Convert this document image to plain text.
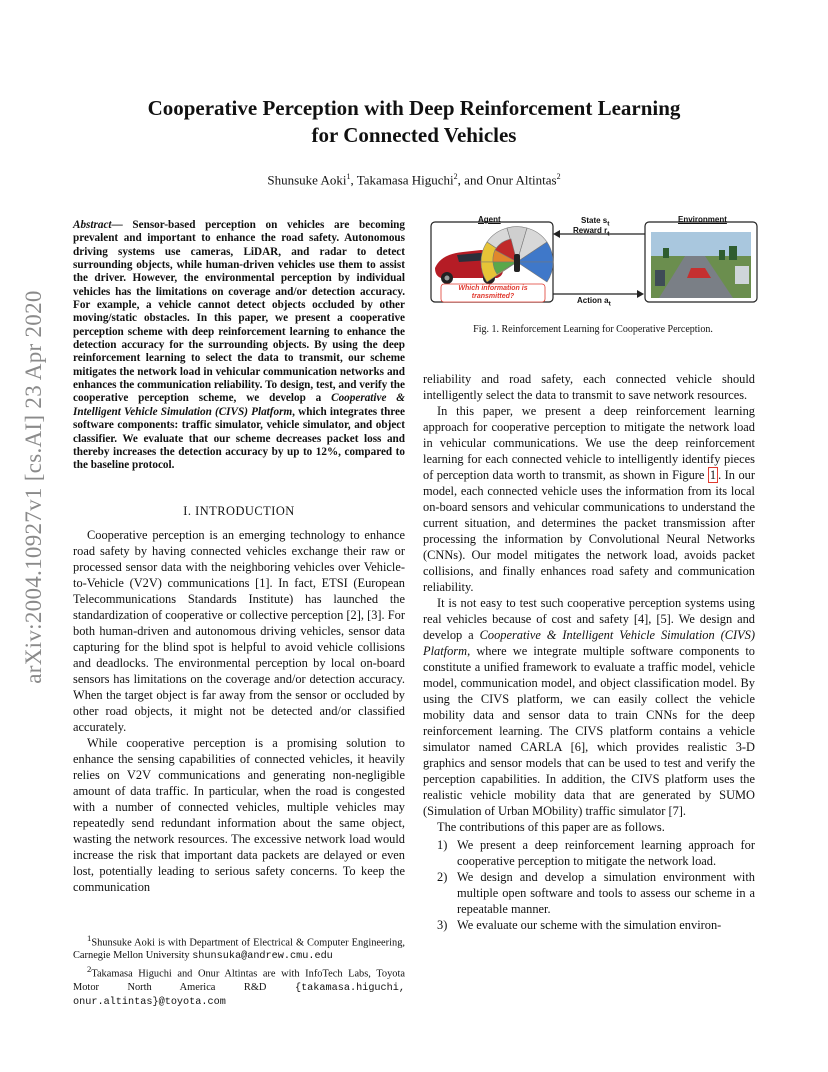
arXiv:2004.10927v1 [cs.AI] 23 Apr 2020
Cooperative Perception with Deep Reinforcement Learning
for Connected Vehicles
Shunsuke Aoki$^1$, Takamasa Higuchi$^2$, and Onur Altintas$^2$
Abstract— Sensor-based perception on vehicles are becoming prevalent and important to enhance the road safety. Autonomous driving systems use cameras, LiDAR, and radar to detect surrounding objects, while human-driven vehicles use them to assist the driver. However, the environmental perception by individual vehicles has the limitations on coverage and/or detection accuracy. For example, a vehicle cannot detect objects occluded by other moving/static obstacles. In this paper, we present a cooperative perception scheme with deep reinforcement learning to enhance the detection accuracy for the surrounding objects. By using the deep reinforcement learning to select the data to transmit, our scheme mitigates the network load in vehicular communication networks and enhances the communication reliability. To design, test, and verify the cooperative perception scheme, we develop a Cooperative & Intelligent Vehicle Simulation (CIVS) Platform, which integrates three software components: traffic simulator, vehicle simulator, and object classifier. We evaluate that our scheme decreases packet loss and thereby increases the detection accuracy by up to 12%, compared to the baseline protocol.
I. INTRODUCTION

Cooperative perception is an emerging technology to enhance road safety by having connected vehicles exchange their raw or processed sensor data with the neighboring vehicles over Vehicle-to-Vehicle (V2V) communications [1]. In fact, ETSI (European Telecommunications Standards Institute) has launched the standardization of cooperative or collective perception [2], [3]. For both human-driven and autonomous driving vehicles, sensor data capturing for the blind spot is helpful to avoid vehicle collisions and deadlocks. The environmental perception by local on-board sensors has limitations on the coverage and/or detection accuracy. When the target object is far away from the sensor or occluded by other road objects, it might not be detected and/or classified accurately.

While cooperative perception is a promising solution to enhance the sensing capabilities of connected vehicles, it heavily relies on V2V communications and generating non-negligible amount of data traffic. In particular, when the road is congested with a number of connected vehicles, multiple vehicles may repeatedly send redundant information about the same object, wasting the network resources. The excessive network load would increase the risk that important data packets are delayed or even lost, potentially leading to serious safety concerns. To keep the communication

$^1$Shunsuke Aoki is with Department of Electrical & Computer Engineering, Carnegie Mellon University shunsuka@andrew.cmu.edu
$^2$Takamasa Higuchi and Onur Altintas are with InfoTech Labs, Toyota Motor North America R&D {takamasa.higuchi, onur.altintas}@toyota.com
Agent	Environment
State $s_t$
Reward $r_t$
Action $a_t$
Which information is
transmitted?
Fig. 1. Reinforcement Learning for Cooperative Perception.

reliability and road safety, each connected vehicle should intelligently select the data to transmit to save network resources.

In this paper, we present a deep reinforcement learning approach for cooperative perception to mitigate the network load in vehicular communications. We use the deep reinforcement learning for each connected vehicle to intelligently identify pieces of perception data worth to transmit, as shown in Figure 1 . In our model, each connected vehicle uses the information from its local on-board sensors and vehicular communications to understand the current situation, and determines the packet transmission after processing the information by Convolutional Neural Networks (CNNs). Our model mitigates the network load, avoids packet collisions, and finally enhances road safety and communication reliability.

It is not easy to test such cooperative perception systems using real vehicles because of cost and safety [4], [5]. We design and develop a Cooperative & Intelligent Vehicle Simulation (CIVS) Platform, where we integrate multiple software components to constitute a unified framework to evaluate a traffic model, vehicle model, communication model, and object classification model. By using the CIVS platform, we can easily collect the vehicle mobility data and sensor data to train CNNs for the deep reinforcement learning. The CIVS platform contains a vehicle simulator named CARLA [6], which provides realistic 3-D graphics and sensor models that can be used to test and verify the perception capabilities. In addition, the CIVS platform uses the realistic vehicle mobility data that are generated by SUMO (Simulation of Urban MObility) traffic simulator [7].

The contributions of this paper are as follows.

1) We present a deep reinforcement learning approach for cooperative perception to mitigate the network load.
2) We design and develop a simulation environment with multiple open software and tools to assess our scheme in a repeatable manner.
3) We evaluate our scheme with the simulation environ-
